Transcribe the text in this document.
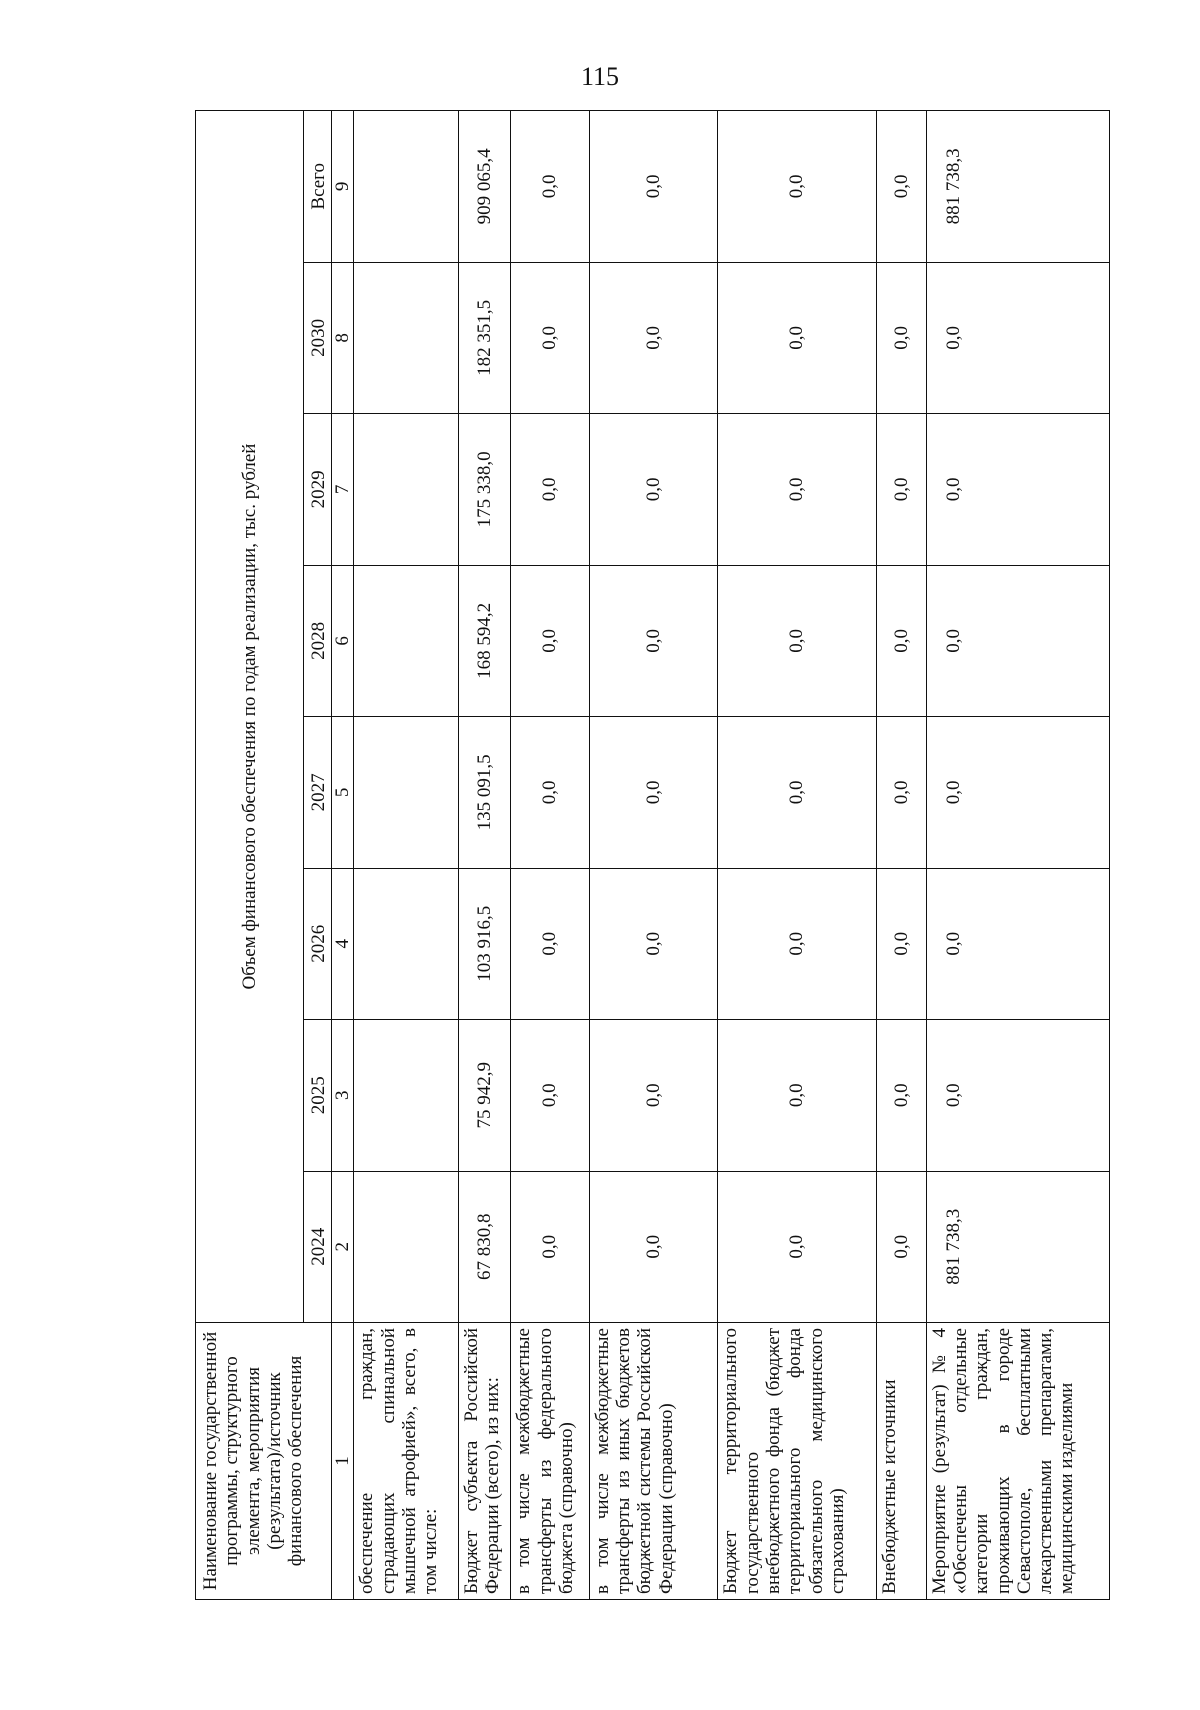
115
Наименование государственной программы, структурного элемента, мероприятия (результата)/источник финансового обеспечения	Объем финансового обеспечения по годам реализации, тыс. рублей							
	2024	2025	2026	2027	2028	2029	2030	Всего
1	2	3	4	5	6	7	8	9
обеспечение граждан, страдающих спинальной мышечной атрофией», всего, в том числе:								
Бюджет субъекта Российской Федерации (всего), из них:	67 830,8	75 942,9	103 916,5	135 091,5	168 594,2	175 338,0	182 351,5	909 065,4
в том числе межбюджетные трансферты из федерального бюджета (справочно)	0,0	0,0	0,0	0,0	0,0	0,0	0,0	0,0
в том числе межбюджетные трансферты из иных бюджетов бюджетной системы Российской Федерации (справочно)	0,0	0,0	0,0	0,0	0,0	0,0	0,0	0,0
Бюджет территориального государственного внебюджетного фонда (бюджет территориального фонда обязательного медицинского страхования)	0,0	0,0	0,0	0,0	0,0	0,0	0,0	0,0
Внебюджетные источники	0,0	0,0	0,0	0,0	0,0	0,0	0,0	0,0
Мероприятие (результат) № 4 «Обеспечены отдельные категории граждан, проживающих в городе Севастополе, бесплатными лекарственными препаратами, медицинскими изделиями	881 738,3	0,0	0,0	0,0	0,0	0,0	0,0	881 738,3
